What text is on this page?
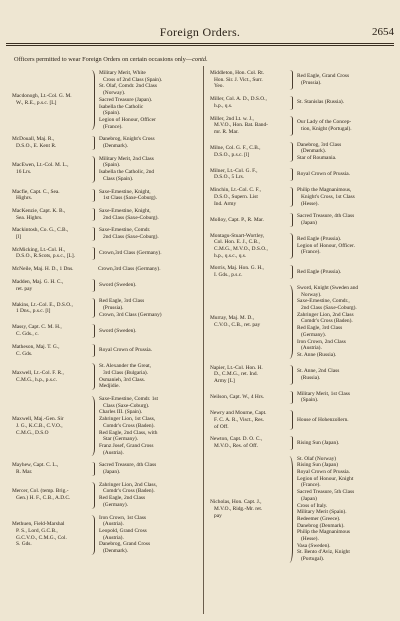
Foreign Orders.	2654
Officers permitted to wear Foreign Orders on certain occasions only—contd.
Macdonogh, Lt.-Col. G. M.
W., R.E., p.s.c. [L]
Military Merit, White
Cross of 2nd Class (Spain).
St. Olaf, Comdr. 2nd Class
(Norway).
Sacred Treasure (Japan).
Isabella the Catholic
(Spain).
Legion of Honour, Officer
(France).
McDouall, Maj. R.,
D.S.O., E. Kent R.
Danebrog, Knight's Cross
(Denmark).
MacEwen, Lt.-Col. M. L.,
16 Lrs.
Military Merit, 2nd Class
(Spain).
Isabella the Catholic, 2nd
Class (Spain).
Macfie, Capt. C., Sea.
Highrs.
Saxe-Ernestine, Knight,
1st Class (Saxe-Coburg).
MacKenzie, Capt. K. B.,
Sea. Highrs.
Saxe-Ernestine, Knight,
2nd Class (Saxe-Coburg).
Mackintosh, Co. G., C.B.,
[l]
Saxe-Ernestine, Comdr.
2nd Class (Saxe-Coburg).
McMicking, Lt.-Col. H.,
D.S.O., R.Scots, p.s.c., [L].
Crown,3rd Class (Germany).
McNeile, Maj. H. D., 1 Dns.	Crown,3rd Class (Germany).
Madden, Maj. G. H. C.,
ret. pay
Sword (Sweden).
Makins, Lt.-Col. E., D.S.O.,
1 Dns., p.s.c. [l]
Red Eagle, 3rd Class
(Prussia).
Crown, 3rd Class (Germany)
Massy, Capt. C. M. H.,
C. Gds., c.
Sword (Sweden).
Matheson, Maj. T. G.,
C. Gds.
Royal Crown of Prussia.
Maxwell, Lt.-Col. F. R.,
C.M.G., h.p., p.s.c.
St. Alexander the Great,
3rd Class (Bulgaria).
Osmanieh, 3rd Class.
Medjidie.
Maxwell, Maj.-Gen. Sir
J. G., K.C.B., C.V.O.,
C.M.G., D.S.O
Saxe-Ernestine, Comdr. 1st
Class (Saxe-Coburg).
Charles III. (Spain).
Zahringer Lion, 1st Class,
Comdr's Cross (Baden).
Red Eagle, 2nd Class, with
Star (Germany).
Franz Josef, Grand Cross
(Austria).
Mayhew, Capt. C. L.,
R. Mar.
Sacred Treasure, 4th Class
(Japan).
Mercer, Col. (temp. Brig.-
Gen.) H. F., C.B., A.D.C.
Zahringer Lion, 2nd Class,
Comdr's Cross (Baden).
Red Eagle, 2nd Class
(Germany).
Methuen, Field-Marshal
P. S., Lord, G.C.B.,
G.C.V.O., C.M.G., Col.
S. Gds.
Iron Crown, 1st Class
(Austria).
Leopold, Grand Cross
(Austria).
Danebrog, Grand Cross
(Denmark).
Middleton, Hon. Col. Rt.
Hon. Sir. J. Vict., Surr.
Yeo.
Red Eagle, Grand Cross
(Prussia).
Miller, Col. A. D., D.S.O.,
h.p., q.s.
St. Stanislas (Russia).
Miller, 2nd Lt. w. J.,
M.V.O., Hon. Bat. Band-
mr. R. Mar.
Our Lady of the Concep-
tion, Knight (Portugal).
Milne, Col. G. F., C.B.,
D.S.O., p.s.c. [l]
Danebrog, 3rd Class
(Denmark).
Star of Roumania.
Milner, Lt.-Col. G. F.,
D.S.O., 5 Lrs.
Royal Crown of Prussia.
Minchin, Lt.-Col. C. F.,
D.S.O., Supern. List
Ind. Army
Philip the Magnanimous,
Knight's Cross, 1st Class
(Hesse).
Molloy, Capt. P., R. Mar.
Sacred Treasure, 4th Class
(Japan)
Montagu-Stuart-Wortley,
Col. Hon. E. J., C.B.,
C.M.G., M.V.O., D.S.O.,
h.p., q.s.c., q.s.
Red Eagle (Prussia).
Legion of Honour, Officer.
(France).
Morris, Maj. Hon. G. H.,
I. Gds., p.s.c.
Red Eagle (Prussia).
Murray, Maj. M. D.,
C.V.O., C.B., ret. pay
Sword, Knight (Sweden and
Norway).
Saxe-Ernestine, Comdr.,
2nd Class (Saxe-Coburg).
Zahringer Lion, 2nd Class
Comdr's Cross (Baden).
Red Eagle, 3rd Class
(Germany).
Iron Crown, 2nd Class
(Austria).
St. Anne (Russia).
Napier, Lt.-Col. Hon. H.
D., C.M.G., ret. Ind.
Army [L]
St. Anne, 2nd Class
(Russia).
Neilson, Capt. W., 4 Hrs.
Military Merit, 1st Class
(Spain).
Newry and Mourne, Capt.
F. C. A. R., Visct., Res.
of Off.
House of Hohenzollern.
Newton, Capt. D. O. C.,
M.V.O., Res. of Off.
Rising Sun (Japan).
Nicholas, Hon. Capt. J.,
M.V.O., Ridg.-Mr. ret.
pay
St. Olaf (Norway)
Rising Sun (Japan)
Royal Crown of Prussia.
Legion of Honour, Knight
(France).
Sacred Treasure, 5th Class
(Japan)
Cross of Italy.
Military Merit (Spain).
Redeemer (Greece).
Danebrog (Denmark).
Philip the Magnanimous
(Hesse).
Vasa (Sweden).
St. Bento d'Aviz, Knight
(Portugal).
